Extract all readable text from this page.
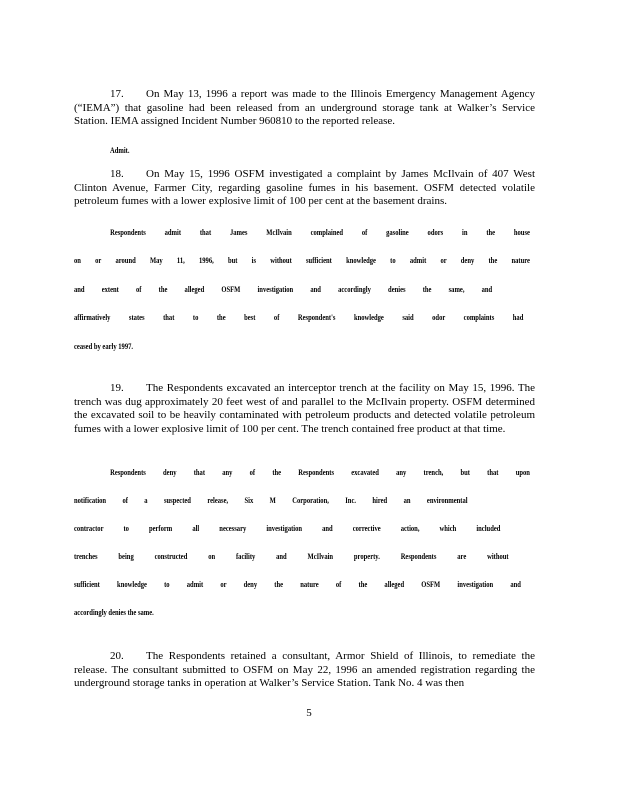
17. On May 13, 1996 a report was made to the Illinois Emergency Management Agency (“IEMA”) that gasoline had been released from an underground storage tank at Walker’s Service Station. IEMA assigned Incident Number 960810 to the reported release.
Admit.
18. On May 15, 1996 OSFM investigated a complaint by James McIlvain of 407 West Clinton Avenue, Farmer City, regarding gasoline fumes in his basement. OSFM detected volatile petroleum fumes with a lower explosive limit of 100 per cent at the basement drains.
Respondents admit that James McIlvain complained of gasoline odors in the house
on or around May 11, 1996, but is without sufficient knowledge to admit or deny the nature
and extent of the alleged OSFM investigation and accordingly denies the same, and
affirmatively states that to the best of Respondent's knowledge said odor complaints had
ceased by early 1997.
19. The Respondents excavated an interceptor trench at the facility on May 15, 1996. The trench was dug approximately 20 feet west of and parallel to the McIlvain property. OSFM determined the excavated soil to be heavily contaminated with petroleum products and detected volatile petroleum fumes with a lower explosive limit of 100 per cent. The trench contained free product at that time.
Respondents deny that any of the Respondents excavated any trench, but that upon
notification of a suspected release, Six M Corporation, Inc. hired an environmental
contractor to perform all necessary investigation and corrective action, which included
trenches being constructed on facility and McIlvain property. Respondents are without
sufficient knowledge to admit or deny the nature of the alleged OSFM investigation and
accordingly denies the same.
20. The Respondents retained a consultant, Armor Shield of Illinois, to remediate the release. The consultant submitted to OSFM on May 22, 1996 an amended registration regarding the underground storage tanks in operation at Walker’s Service Station. Tank No. 4 was then
5
